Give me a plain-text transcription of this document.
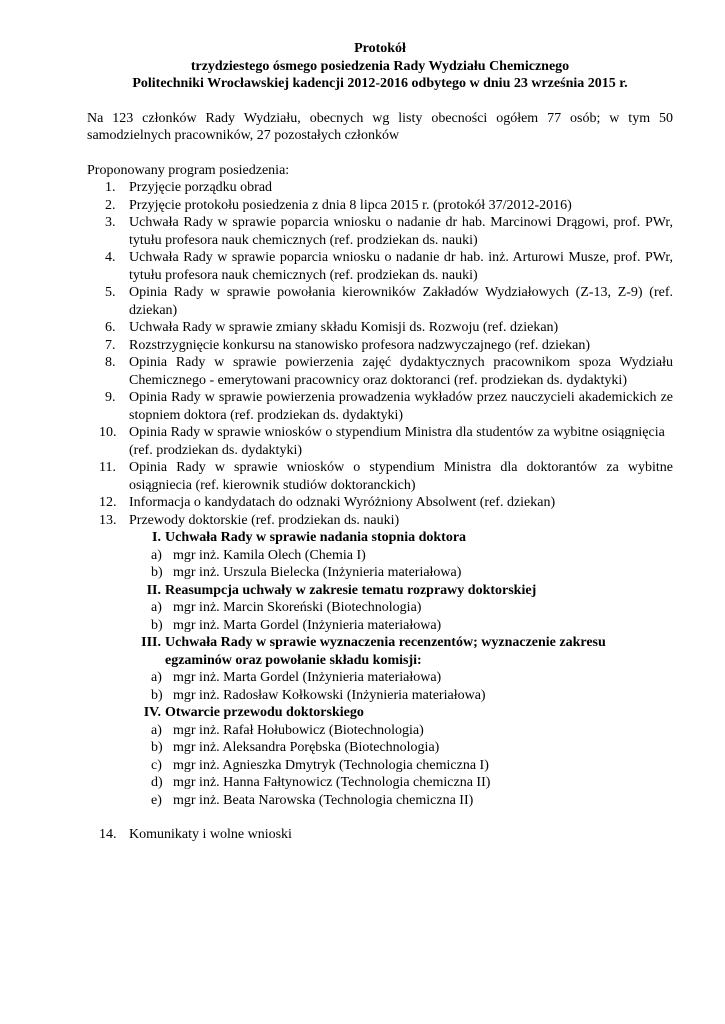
Protokół
trzydziestego ósmego posiedzenia Rady Wydziału Chemicznego
Politechniki Wrocławskiej kadencji 2012-2016 odbytego w dniu 23 września 2015 r.
Na 123 członków Rady Wydziału, obecnych wg listy obecności ogółem 77 osób; w tym 50 samodzielnych pracowników, 27 pozostałych członków
Proponowany program posiedzenia:
1. Przyjęcie porządku obrad
2. Przyjęcie protokołu posiedzenia z dnia 8 lipca 2015 r. (protokół 37/2012-2016)
3. Uchwała Rady w sprawie poparcia wniosku o nadanie dr hab. Marcinowi Drągowi, prof. PWr, tytułu profesora nauk chemicznych (ref. prodziekan ds. nauki)
4. Uchwała Rady w sprawie poparcia wniosku o nadanie dr hab. inż. Arturowi Musze, prof. PWr, tytułu profesora nauk chemicznych (ref. prodziekan ds. nauki)
5. Opinia Rady w sprawie powołania kierowników Zakładów Wydziałowych (Z-13, Z-9) (ref. dziekan)
6. Uchwała Rady w sprawie zmiany składu Komisji ds. Rozwoju (ref. dziekan)
7. Rozstrzygnięcie konkursu na stanowisko profesora nadzwyczajnego (ref. dziekan)
8. Opinia Rady w sprawie powierzenia zajęć dydaktycznych pracownikom spoza Wydziału Chemicznego - emerytowani pracownicy oraz doktoranci (ref. prodziekan ds. dydaktyki)
9. Opinia Rady w sprawie powierzenia prowadzenia wykładów przez nauczycieli akademickich ze stopniem doktora (ref. prodziekan ds. dydaktyki)
10. Opinia Rady w sprawie wniosków o stypendium Ministra dla studentów za wybitne osiągnięcia
(ref. prodziekan ds. dydaktyki)
11. Opinia Rady w sprawie wniosków o stypendium Ministra dla doktorantów za wybitne osiągniecia (ref. kierownik studiów doktoranckich)
12. Informacja o kandydatach do odznaki Wyróżniony Absolwent (ref. dziekan)
13. Przewody doktorskie (ref. prodziekan ds. nauki)
I. Uchwała Rady w sprawie nadania stopnia doktora
a) mgr inż. Kamila Olech (Chemia I)
b) mgr inż. Urszula Bielecka (Inżynieria materiałowa)
II. Reasumpcja uchwały w zakresie tematu rozprawy doktorskiej
a) mgr inż. Marcin Skoreński (Biotechnologia)
b) mgr inż. Marta Gordel (Inżynieria materiałowa)
III. Uchwała Rady w sprawie wyznaczenia recenzentów; wyznaczenie zakresu egzaminów oraz powołanie składu komisji:
a) mgr inż. Marta Gordel (Inżynieria materiałowa)
b) mgr inż. Radosław Kołkowski (Inżynieria materiałowa)
IV. Otwarcie przewodu doktorskiego
a) mgr inż. Rafał Hołubowicz (Biotechnologia)
b) mgr inż. Aleksandra Porębska (Biotechnologia)
c) mgr inż. Agnieszka Dmytryk (Technologia chemiczna I)
d) mgr inż. Hanna Fałtynowicz (Technologia chemiczna II)
e) mgr inż. Beata Narowska (Technologia chemiczna II)
14. Komunikaty i wolne wnioski
